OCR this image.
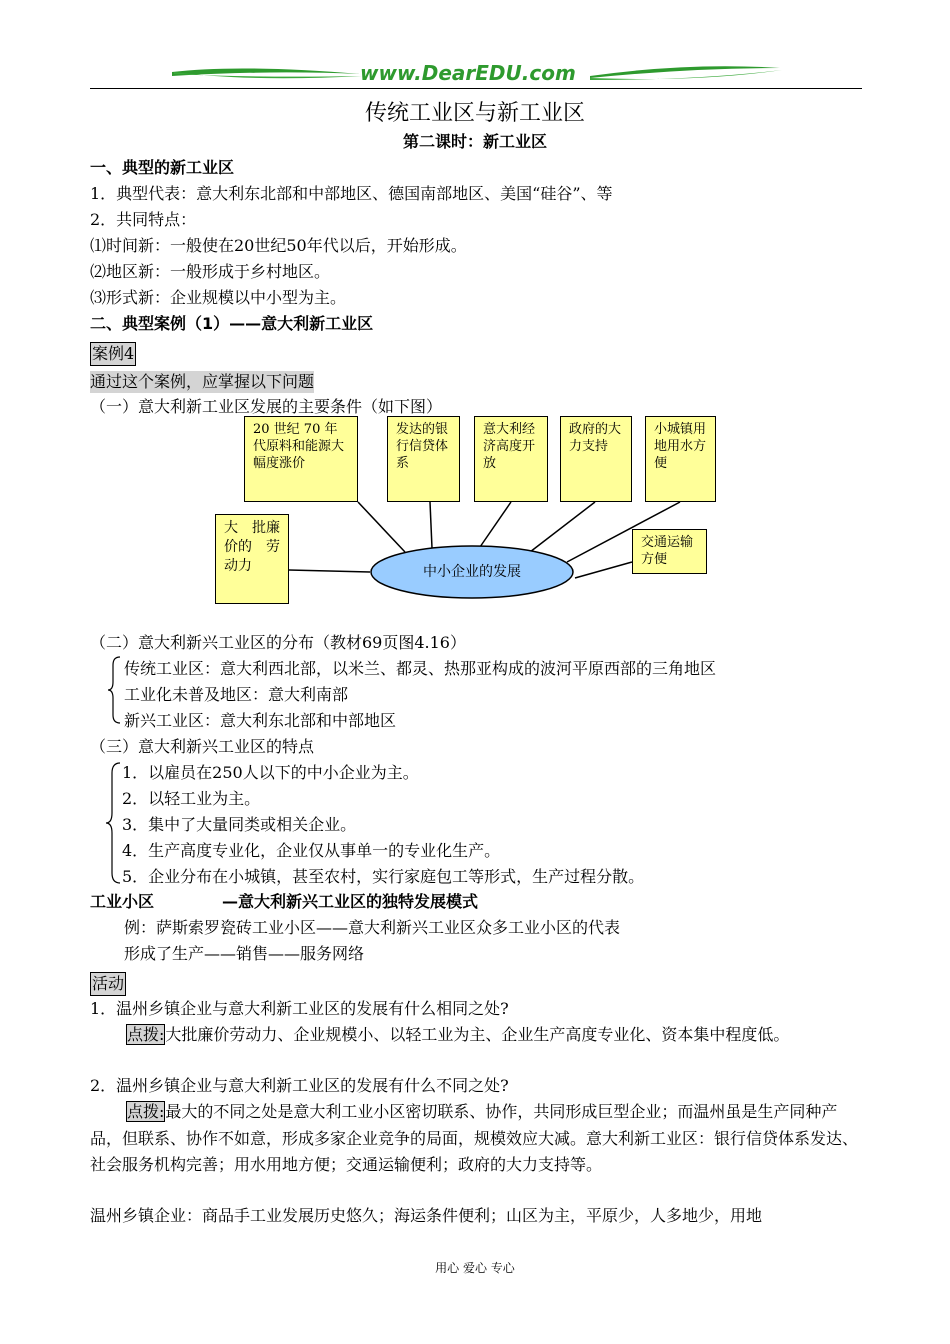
www.DearEDU.com
传统工业区与新工业区
第二课时：新工业区
一、典型的新工业区
1．典型代表：意大利东北部和中部地区、德国南部地区、美国“硅谷”、等
2．共同特点：
⑴时间新：一般使在20世纪50年代以后，开始形成。
⑵地区新：一般形成于乡村地区。
⑶形式新：企业规模以中小型为主。
二、典型案例（1）——意大利新工业区
案例4
通过这个案例，应掌握以下问题
（一）意大利新工业区发展的主要条件（如下图）
中小企业的发展
20 世纪 70 年代原料和能源大幅度涨价
发达的银行信贷体系
意大利经济高度开放
政府的大力支持
小城镇用地用水方便
大　批廉　价的　劳动力
交通运输方便
（二）意大利新兴工业区的分布（教材69页图4.16）
传统工业区：意大利西北部，以米兰、都灵、热那亚构成的波河平原西部的三角地区
工业化未普及地区：意大利南部
新兴工业区：意大利东北部和中部地区
（三）意大利新兴工业区的特点
1．以雇员在250人以下的中小企业为主。
2．以轻工业为主。
3．集中了大量同类或相关企业。
4．生产高度专业化，企业仅从事单一的专业化生产。
5．企业分布在小城镇，甚至农村，实行家庭包工等形式，生产过程分散。
工业小区	—意大利新兴工业区的独特发展模式
例：萨斯索罗瓷砖工业小区——意大利新兴工业区众多工业小区的代表
形成了生产——销售——服务网络
活动
1．温州乡镇企业与意大利新工业区的发展有什么相同之处?
点拨:大批廉价劳动力、企业规模小、以轻工业为主、企业生产高度专业化、资本集中程度低。
2．温州乡镇企业与意大利新工业区的发展有什么不同之处?
点拨:最大的不同之处是意大利工业小区密切联系、协作，共同形成巨型企业；而温州虽是生产同种产品，但联系、协作不如意，形成多家企业竞争的局面，规模效应大减。意大利新工业区：银行信贷体系发达、社会服务机构完善；用水用地方便；交通运输便利；政府的大力支持等。
温州乡镇企业：商品手工业发展历史悠久；海运条件便利；山区为主，平原少，人多地少，用地
用心 爱心 专心
